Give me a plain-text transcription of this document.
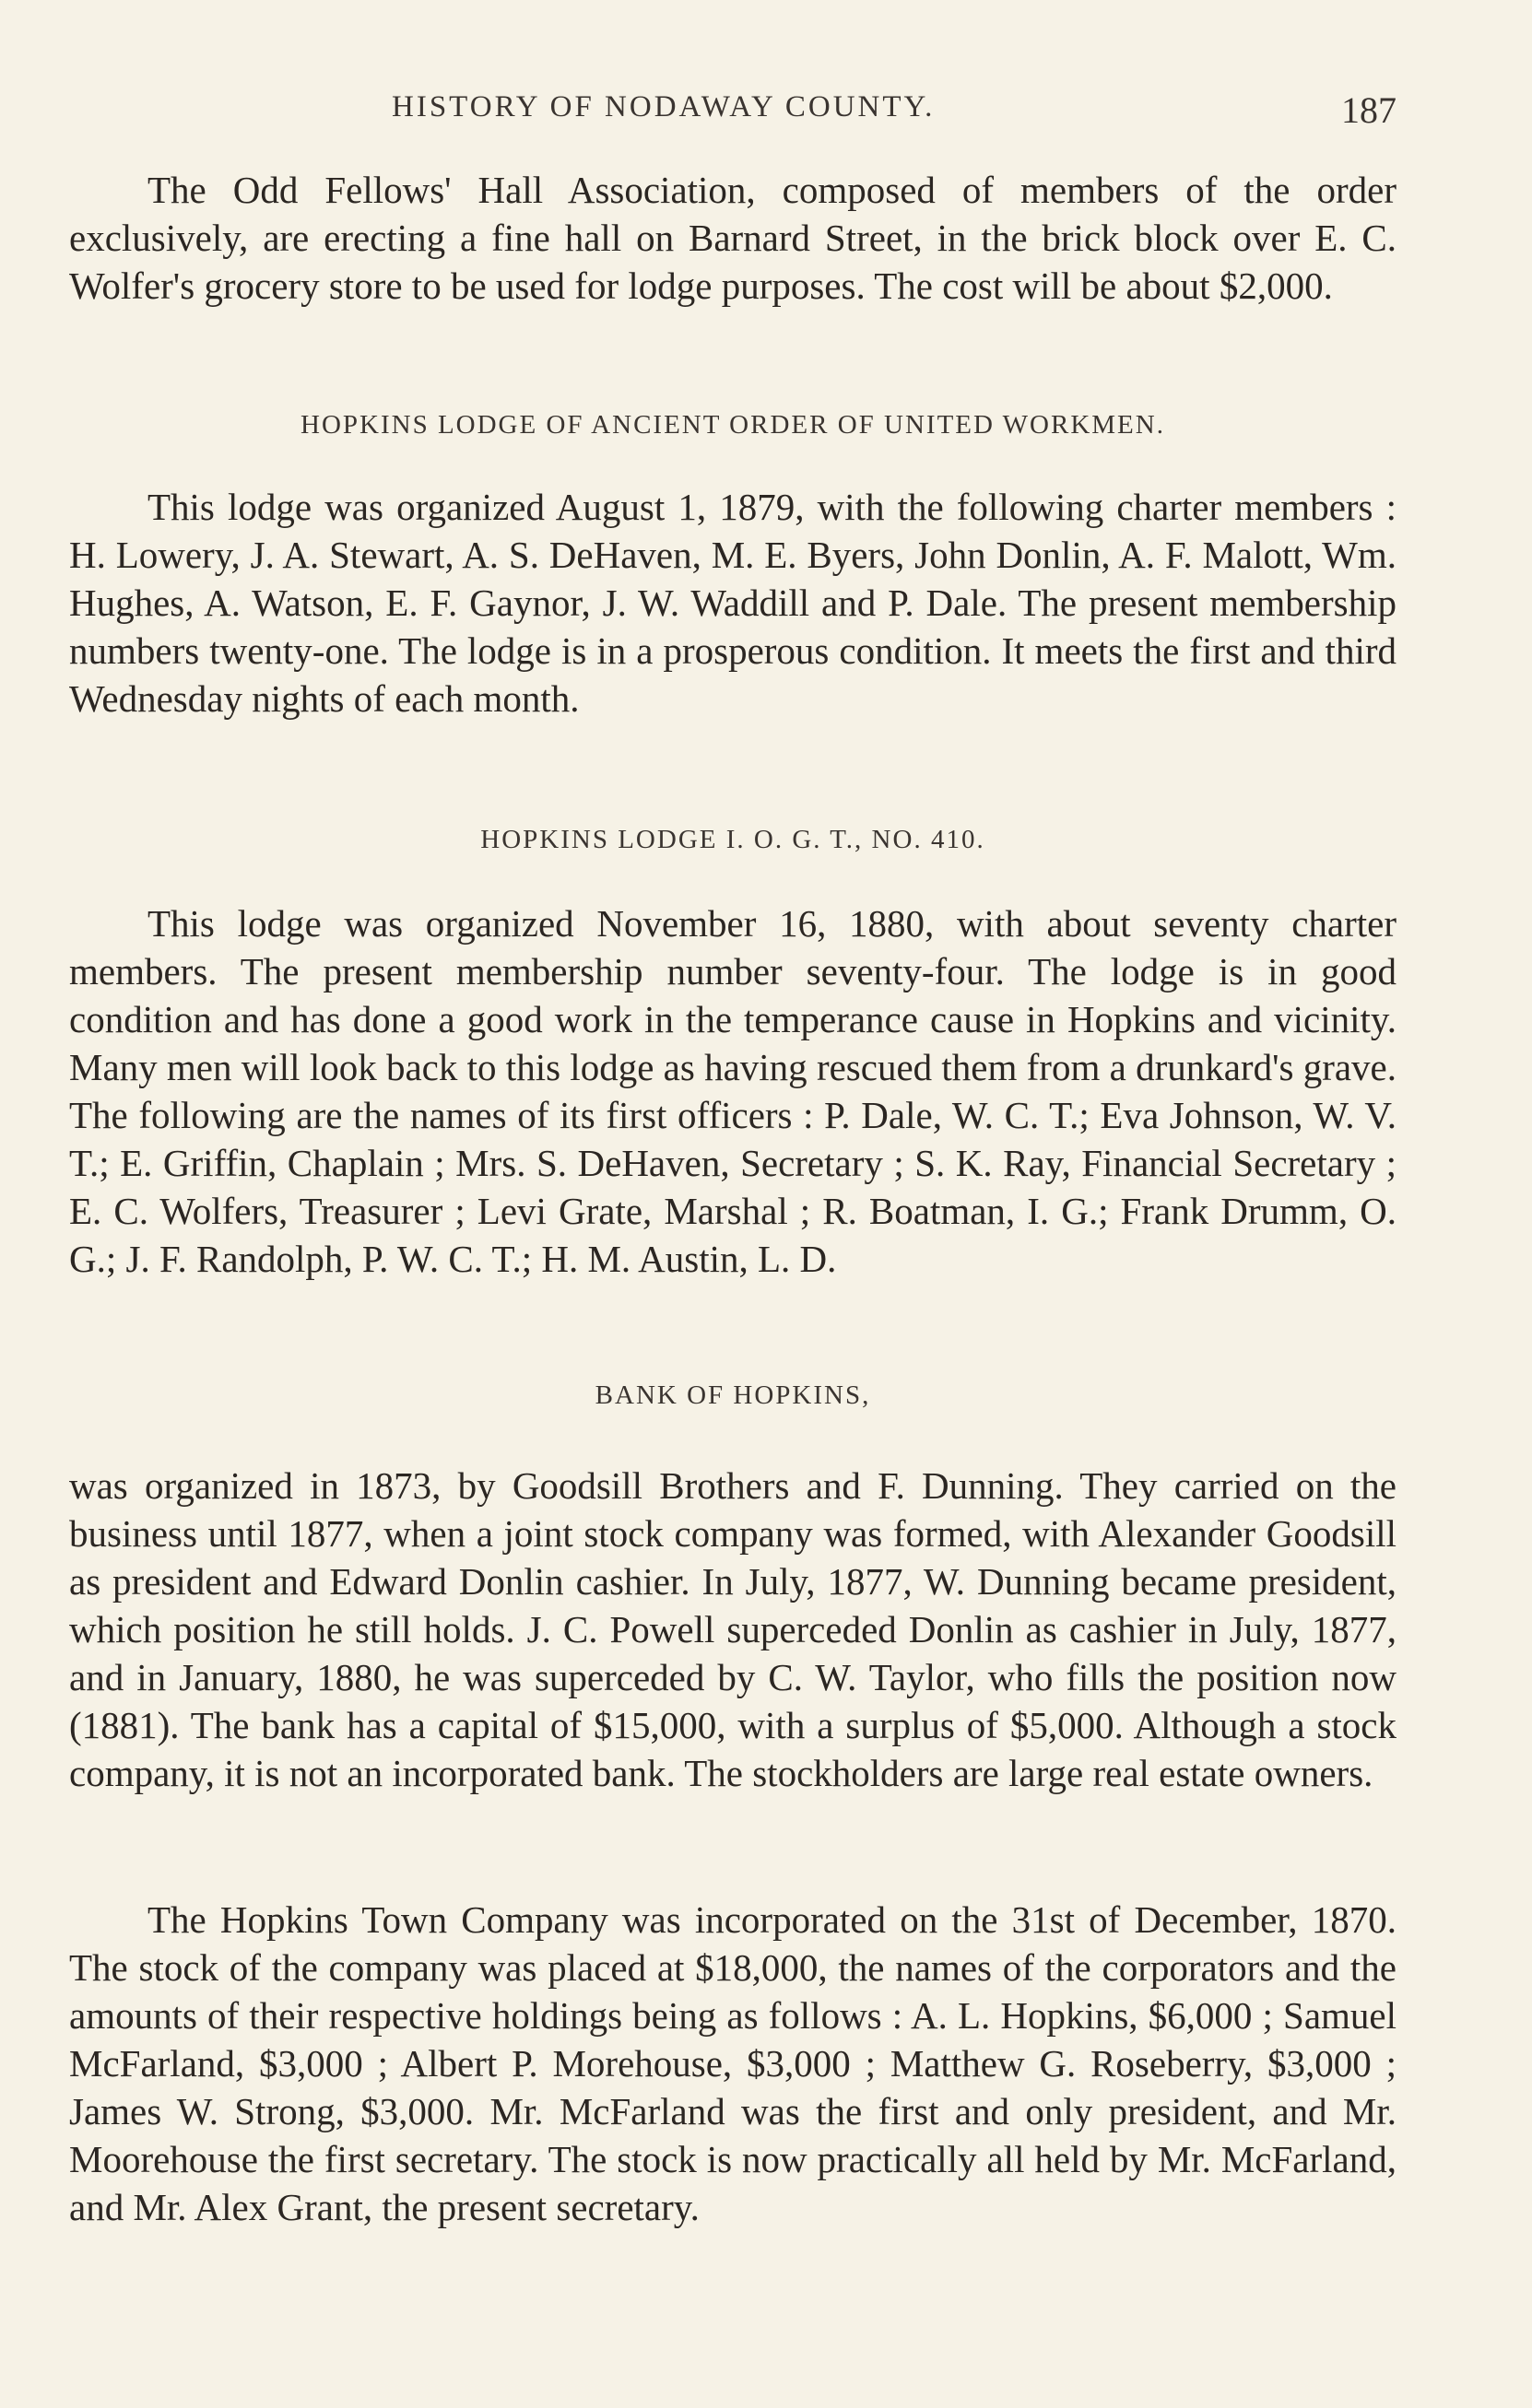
HISTORY OF NODAWAY COUNTY.	187

The Odd Fellows' Hall Association, composed of members of the order exclusively, are erecting a fine hall on Barnard Street, in the brick block over E. C. Wolfer's grocery store to be used for lodge purposes. The cost will be about $2,000.

HOPKINS LODGE OF ANCIENT ORDER OF UNITED WORKMEN.

This lodge was organized August 1, 1879, with the following charter members : H. Lowery, J. A. Stewart, A. S. DeHaven, M. E. Byers, John Donlin, A. F. Malott, Wm. Hughes, A. Watson, E. F. Gaynor, J. W. Waddill and P. Dale. The present membership numbers twenty-one. The lodge is in a prosperous condition. It meets the first and third Wednesday nights of each month.

HOPKINS LODGE I. O. G. T., NO. 410.

This lodge was organized November 16, 1880, with about seventy charter members. The present membership number seventy-four. The lodge is in good condition and has done a good work in the temperance cause in Hopkins and vicinity. Many men will look back to this lodge as having rescued them from a drunkard's grave. The following are the names of its first officers : P. Dale, W. C. T.; Eva Johnson, W. V. T.; E. Griffin, Chaplain ; Mrs. S. DeHaven, Secretary ; S. K. Ray, Financial Secretary ; E. C. Wolfers, Treasurer ; Levi Grate, Marshal ; R. Boatman, I. G.; Frank Drumm, O. G.; J. F. Randolph, P. W. C. T.; H. M. Austin, L. D.

BANK OF HOPKINS,

was organized in 1873, by Goodsill Brothers and F. Dunning. They carried on the business until 1877, when a joint stock company was formed, with Alexander Goodsill as president and Edward Donlin cashier. In July, 1877, W. Dunning became president, which position he still holds. J. C. Powell superceded Donlin as cashier in July, 1877, and in January, 1880, he was superceded by C. W. Taylor, who fills the position now (1881). The bank has a capital of $15,000, with a surplus of $5,000. Although a stock company, it is not an incorporated bank. The stockholders are large real estate owners.

The Hopkins Town Company was incorporated on the 31st of December, 1870. The stock of the company was placed at $18,000, the names of the corporators and the amounts of their respective holdings being as follows : A. L. Hopkins, $6,000 ; Samuel McFarland, $3,000 ; Albert P. Morehouse, $3,000 ; Matthew G. Roseberry, $3,000 ; James W. Strong, $3,000. Mr. McFarland was the first and only president, and Mr. Moorehouse the first secretary. The stock is now practically all held by Mr. McFarland, and Mr. Alex Grant, the present secretary.
